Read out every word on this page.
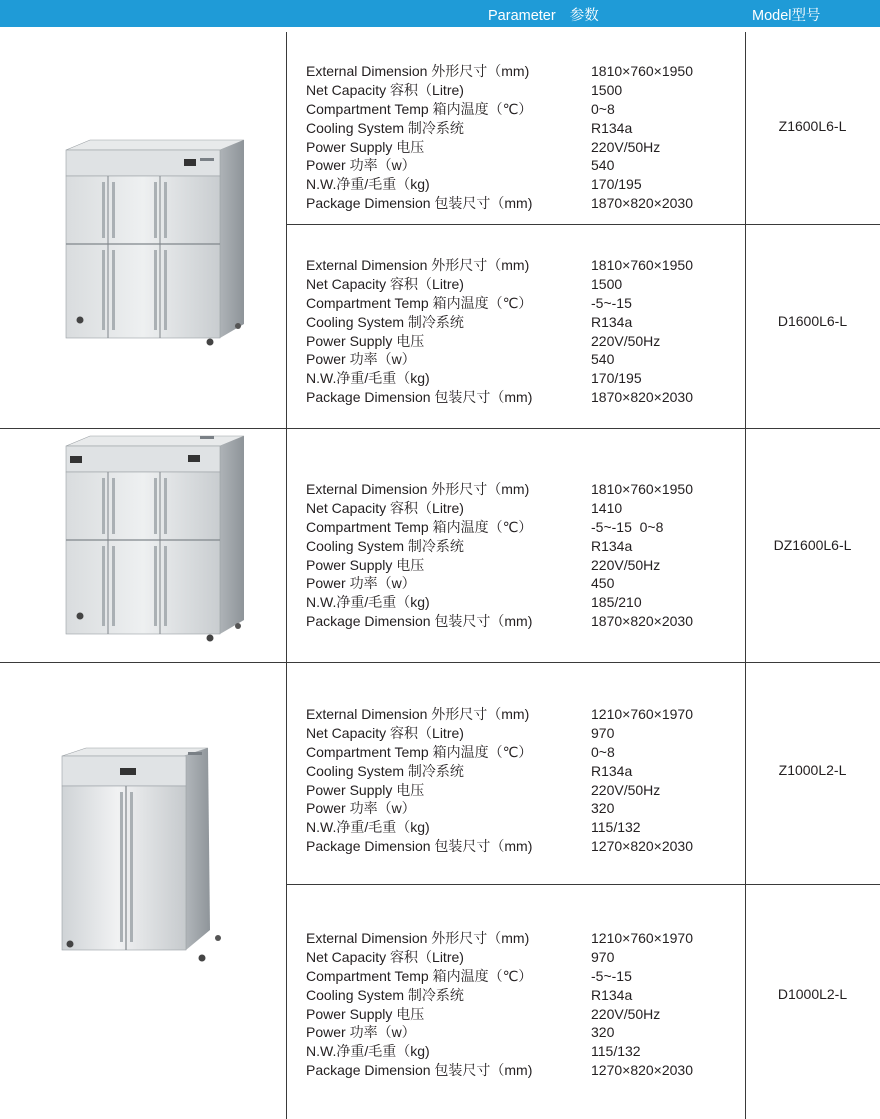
Parameter 参数	Model型号
External Dimension 外形尺寸（mm)	1810×760×1950
Net Capacity 容积（Litre)	1500
Compartment Temp 箱内温度（℃）	0~8
Cooling System 制冷系统	R134a
Power Supply 电压	220V/50Hz
Power 功率（w）	540
N.W.净重/毛重（kg)	170/195
Package Dimension 包装尺寸（mm)	1870×820×2030
Z1600L6-L
External Dimension 外形尺寸（mm)	1810×760×1950
Net Capacity 容积（Litre)	1500
Compartment Temp 箱内温度（℃）	-5~-15
Cooling System 制冷系统	R134a
Power Supply 电压	220V/50Hz
Power 功率（w）	540
N.W.净重/毛重（kg)	170/195
Package Dimension 包装尺寸（mm)	1870×820×2030
D1600L6-L
External Dimension 外形尺寸（mm)	1810×760×1950
Net Capacity 容积（Litre)	1410
Compartment Temp 箱内温度（℃）	-5~-15  0~8
Cooling System 制冷系统	R134a
Power Supply 电压	220V/50Hz
Power 功率（w）	450
N.W.净重/毛重（kg)	185/210
Package Dimension 包装尺寸（mm)	1870×820×2030
DZ1600L6-L
External Dimension 外形尺寸（mm)	1210×760×1970
Net Capacity 容积（Litre)	970
Compartment Temp 箱内温度（℃）	0~8
Cooling System 制冷系统	R134a
Power Supply 电压	220V/50Hz
Power 功率（w）	320
N.W.净重/毛重（kg)	115/132
Package Dimension 包装尺寸（mm)	1270×820×2030
Z1000L2-L
External Dimension 外形尺寸（mm)	1210×760×1970
Net Capacity 容积（Litre)	970
Compartment Temp 箱内温度（℃）	-5~-15
Cooling System 制冷系统	R134a
Power Supply 电压	220V/50Hz
Power 功率（w）	320
N.W.净重/毛重（kg)	115/132
Package Dimension 包装尺寸（mm)	1270×820×2030
D1000L2-L
